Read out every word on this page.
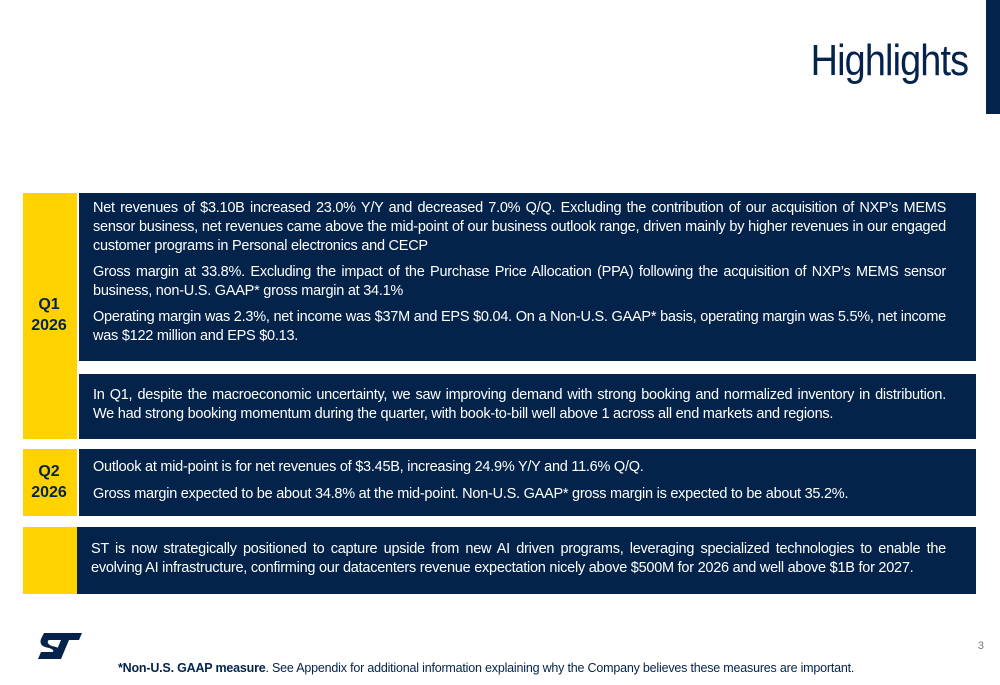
Highlights
Q1
2026

Net revenues of $3.10B increased 23.0% Y/Y and decreased 7.0% Q/Q. Excluding the contribution of our acquisition of NXP’s MEMS sensor business, net revenues came above the mid-point of our business outlook range, driven mainly by higher revenues in our engaged customer programs in Personal electronics and CECP

Gross margin at 33.8%. Excluding the impact of the Purchase Price Allocation (PPA) following the acquisition of NXP’s MEMS sensor business, non-U.S. GAAP* gross margin at 34.1%

Operating margin was 2.3%, net income was $37M and EPS $0.04. On a Non-U.S. GAAP* basis, operating margin was 5.5%, net income was $122 million and EPS $0.13.

In Q1, despite the macroeconomic uncertainty, we saw improving demand with strong booking and normalized inventory in distribution. We had strong booking momentum during the quarter, with book-to-bill well above 1 across all end markets and regions.

Q2
2026

Outlook at mid-point is for net revenues of $3.45B, increasing 24.9% Y/Y and 11.6% Q/Q.

Gross margin expected to be about 34.8% at the mid-point. Non-U.S. GAAP* gross margin is expected to be about 35.2%.

ST is now strategically positioned to capture upside from new AI driven programs, leveraging specialized technologies to enable the evolving AI infrastructure, confirming our datacenters revenue expectation nicely above $500M for 2026 and well above $1B for 2027.

3
*Non-U.S. GAAP measure. See Appendix for additional information explaining why the Company believes these measures are important.
